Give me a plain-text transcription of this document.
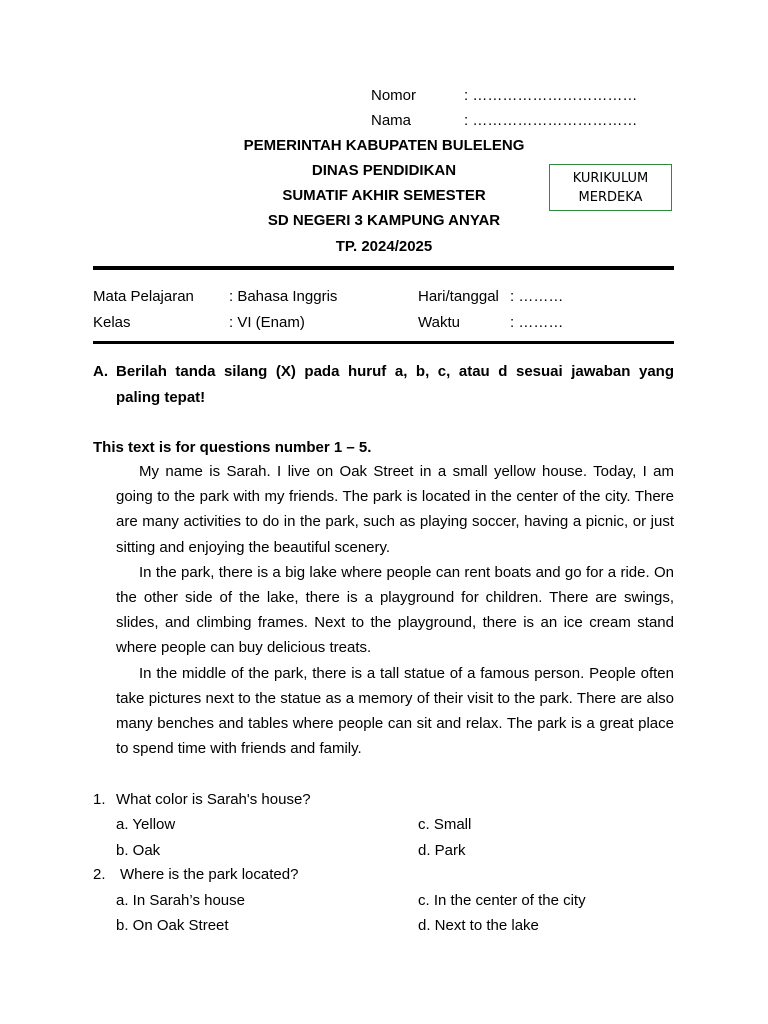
Nomor	: ……………………………
Nama	: ……………………………
PEMERINTAH KABUPATEN BULELENG
DINAS PENDIDIKAN
SUMATIF AKHIR SEMESTER
SD NEGERI 3 KAMPUNG ANYAR
TP. 2024/2025
KURIKULUM
MERDEKA
Mata Pelajaran : Bahasa Inggris	Hari/tanggal : ………
Kelas	: VI (Enam)	Waktu	: ………
A. Berilah tanda silang (X) pada huruf a, b, c, atau d sesuai jawaban yang
paling tepat!
This text is for questions number 1 – 5.

My name is Sarah. I live on Oak Street in a small yellow house. Today, I am going to the park with my friends. The park is located in the center of the city. There are many activities to do in the park, such as playing soccer, having a picnic, or just sitting and enjoying the beautiful scenery.

In the park, there is a big lake where people can rent boats and go for a ride. On the other side of the lake, there is a playground for children. There are swings, slides, and climbing frames. Next to the playground, there is an ice cream stand where people can buy delicious treats.

In the middle of the park, there is a tall statue of a famous person. People often take pictures next to the statue as a memory of their visit to the park. There are also many benches and tables where people can sit and relax. The park is a great place to spend time with friends and family.

1. What color is Sarah's house?
a. Yellow	c. Small
b. Oak	d. Park
2. Where is the park located?
a. In Sarah’s house	c. In the center of the city
b. On Oak Street	d. Next to the lake
